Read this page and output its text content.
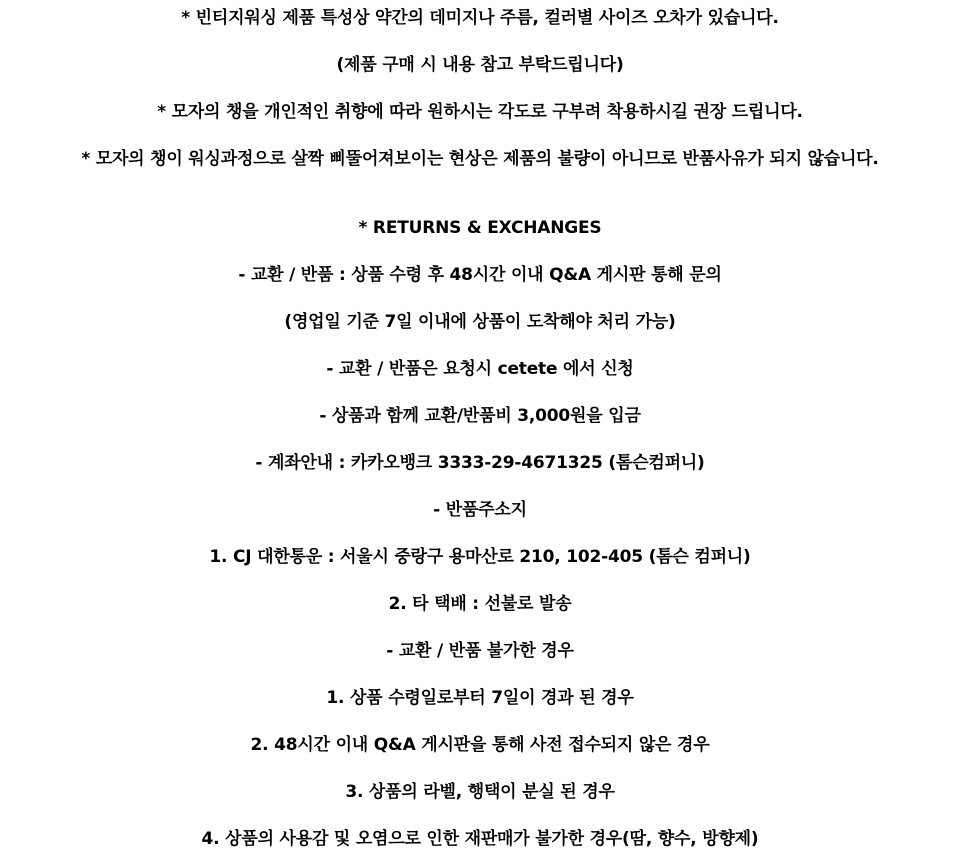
* 빈티지워싱 제품 특성상 약간의 데미지나 주름, 컬러별 사이즈 오차가 있습니다.
(제품 구매 시 내용 참고 부탁드립니다)
* 모자의 챙을 개인적인 취향에 따라 원하시는 각도로 구부려 착용하시길 권장 드립니다.
* 모자의 챙이 워싱과정으로 살짝 삐뚤어져보이는 현상은 제품의 불량이 아니므로 반품사유가 되지 않습니다.
* RETURNS & EXCHANGES
- 교환 / 반품 : 상품 수령 후 48시간 이내 Q&A 게시판 통해 문의
(영업일 기준 7일 이내에 상품이 도착해야 처리 가능)
- 교환 / 반품은 요청시 cetete 에서 신청
- 상품과 함께 교환/반품비 3,000원을 입금
- 계좌안내 : 카카오뱅크 3333-29-4671325 (톰슨컴퍼니)
- 반품주소지
1. CJ 대한통운 : 서울시 중랑구 용마산로 210, 102-405 (톰슨 컴퍼니)
2. 타 택배 : 선불로 발송
- 교환 / 반품 불가한 경우
1. 상품 수령일로부터 7일이 경과 된 경우
2. 48시간 이내 Q&A 게시판을 통해 사전 접수되지 않은 경우
3. 상품의 라벨, 행택이 분실 된 경우
4. 상품의 사용감 및 오염으로 인한 재판매가 불가한 경우(땀, 향수, 방향제)
